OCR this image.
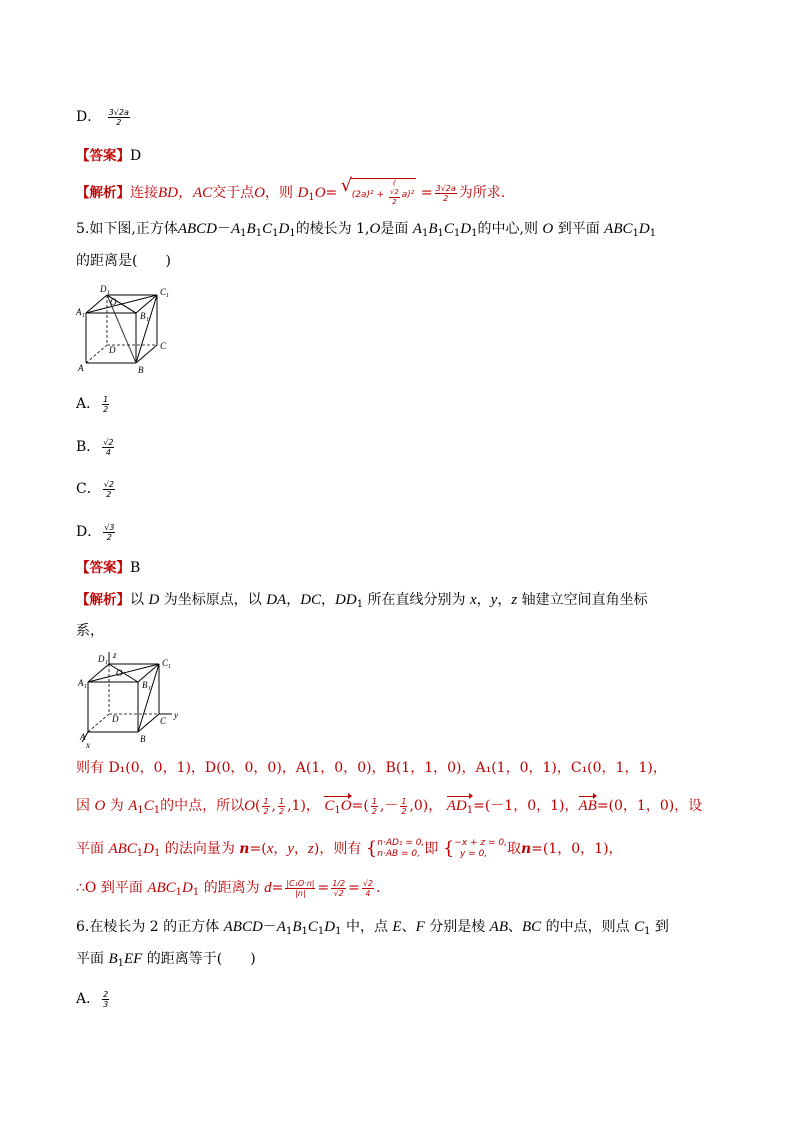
D． $\frac{3√2a}{2}$
【答案】D
【解析】连接BD，AC交于点O，则 $D_1O=$ √ (2a)² + (
√2
2
$a)^2 = \frac{3√2a}{2}$ 为所求.
5.如下图,正方体$ABCD-A_1B_1C_1D_1$的棱长为 1,O是面 $A_1B_1C_1D_1$的中心,则 O 到平面 $ABC_1D_1$
的距离是(　　)
D 1
O
C 1
A 1	B 1
D	C
A	B
A． $\frac{1}{2}$
B． $\frac{√2}{4}$
C． $\frac{√2}{2}$
D． $\frac{√3}{2}$
【答案】B
【解析】以 D 为坐标原点，以 DA，DC，$DD_1$ 所在直线分别为 x，y，z 轴建立空间直角坐标
系，
D 1
z
O
C 1
A 1	B 1
D	C
y
A	B
x
则有 D₁(0，0，1)，D(0，0，0)，A(1，0，0)，B(1，1，0)，A₁(1，0，1)，C₁(0，1，1)，
因 O 为 $A_1C_1$的中点，所以$O( \frac{1}{2}$ , $\frac{1}{2} ,1$)， $C_1O=( \frac{1}{2}$ ,－ $\frac{1}{2} ,0$)， $AD_1=(-1$，0，1)，AB=(0，1，0)，设
平面 $ABC_1D_1$ 的法向量为 n=(x，y，z)，则有 { n·AD₁ = 0,
n·AB = 0, 即 { −x + z = 0,
y = 0,	取n=(1，0，1)，
∴O 到平面 $ABC_1D_1$ 的距离为 $d= \frac{\text{|C₁O·n|}}{|n|} = \frac{1/2}{√2} = \frac{√2}{4}$ .
6.在棱长为 2 的正方体 $ABCD-A_1B_1C_1D_1$ 中，点 E、F 分别是棱 AB、BC 的中点，则点 $C_1$ 到
平面 $B_1EF$ 的距离等于(　　)
A． $\frac{2}{3}$
